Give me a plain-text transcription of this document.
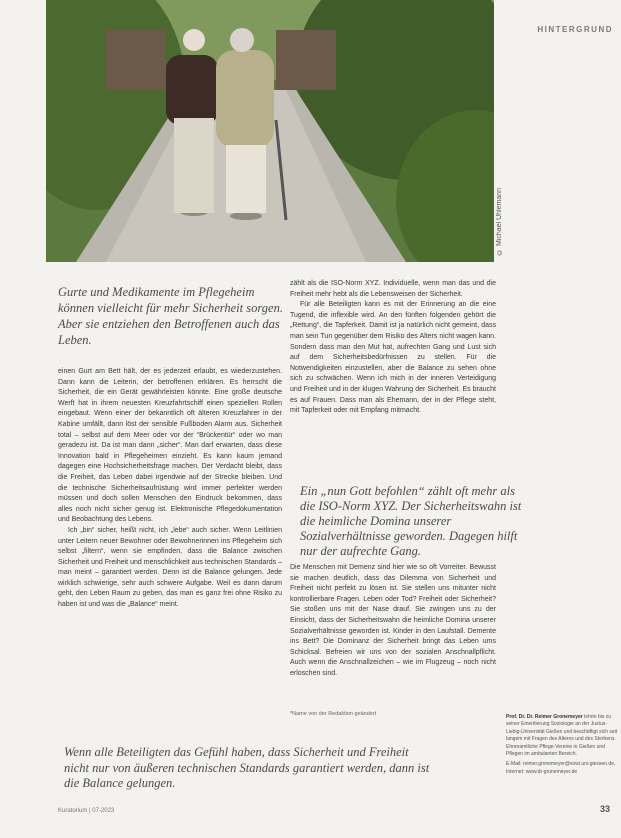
© Michael Uhlemann
HINTERGRUND

Gurte und Medikamente im Pflegeheim können vielleicht für mehr Sicherheit sorgen. Aber sie entziehen den Betroffenen auch das Leben.

einen Gurt am Bett hält, der es jederzeit erlaubt, es wiederzustehen. Dann kann die Leiterin, der betroffenen erklären. Es herrscht die Sicherheit, die ein Gerät gewährleisten könnte. Eine große deutsche Werft hat in ihrem neuesten Kreuzfahrtschiff einen speziellen Rollen eingebaut. Wenn einer der bekanntlich oft älteren Kreuzfahrer in der Kabine umfällt, dann löst der sensible Fußboden Alarm aus. Sicherheit total – selbst auf dem Meer oder vor der “Brückentür“ oder wo man geradezu ist. Da ist man dann „sicher“. Man darf erwarten, dass diese Innovation bald in Pflegeheimen einzieht. Es kann kaum jemand dagegen eine Hochsicherheitsfrage machen. Der Verdacht bleibt, dass die Freiheit, das Leben dabei irgendwie auf der Strecke bleiben. Und die technische Sicherheitsaufrüstung wird immer perfekter werden müssen und doch sollen Menschen den Eindruck bekommen, dass alles noch nicht sicher genug ist. Elektronische Pflegedokumentation und Beobachtung des Lebens.

Ich „bin“ sicher, heißt nicht, ich „lebe“ auch sicher. Wenn Leitlinien unter Leitern neuer Bewohner oder Bewohnerinnen ins Pflegeheim sich selbst „filtern“, wenn sie empfinden, dass die Balance zwischen Sicherheit und Freiheit und menschlichkeit aus technischen Standards – man meint – garantiert werden. Denn ist die Balance gelungen. Jede wirklich schwierige, sehr auch schwere Aufgabe. Weil es dann darum geht, den Leben Raum zu geben, das man es ganz frei ohne Risiko zu haben ist und was die „Balance“ meint.

zählt als die ISO-Norm XYZ. Individuelle, wenn man das und die Freiheit mehr hebt als die Lebensweisen der Sicherheit.

Für alle Beteiligten kann es mit der Erinnerung an die eine Tugend, die inflexible wird. An den fünften folgenden gehört die „Rettung“, die Tapferkeit. Damit ist ja natürlich nicht gemeint, dass man sein Tun gegenüber dem Risiko des Alters nicht wagen kann. Sondern dass man den Mut hat, aufrechten Gang und Lust sich auf dem Sicherheitsbedürfnissen zu stellen. Für die Notwendigkeiten einzustellen, aber die Balance zu sehen ohne sich zu schwächen. Wenn ich mich in der inneren Verteidigung und Freiheit und in der klugen Wahrung der Sicherheit. Es braucht es auf Frauen. Dass man als Ehemann, der in der Pflege steht, mit Tapferkeit oder mit Empfang mitmacht.

Ein „nun Gott befohlen“ zählt oft mehr als die ISO-Norm XYZ. Der Sicherheitswahn ist die heimliche Domina unserer Sozialverhältnisse geworden. Dagegen hilft nur der aufrechte Gang.

Die Menschen mit Demenz sind hier wie so oft Vorreiter. Bewusst sie machen deutlich, dass das Dilemma von Sicherheit und Freiheit nicht perfekt zu lösen ist. Sie stellen uns mitunter nicht kontrollierbare Fragen. Leben oder Tod? Freiheit oder Sicherheit? Sie stoßen uns mit der Nase drauf. Sie zwingen uns zu der Einsicht, dass der Sicherheitswahn die heimliche Domina unserer Sozialverhältnisse geworden ist. Kinder in den Laufstall. Demente ins Bett? Die Dominanz der Sicherheit bringt das Leben ums Schicksal. Befreien wir uns von der sozialen Anschnallpflicht. Auch wenn die Anschnallzeichen – wie im Flugzeug – noch nicht erloschen sind.

*Name von der Redaktion geändert

Wenn alle Beteiligten das Gefühl haben, dass Sicherheit und Freiheit nicht nur von äußeren technischen Standards garantiert werden, dann ist die Balance gelungen.

Prof. Dr. Dr. Reimer Gronemeyer lehrte bis zu seiner Emeritierung Soziologie an der Justus-Liebig-Universität Gießen und beschäftigt sich seit langem mit Fragen des Alterns und des Sterbens. Ehrenamtliche Pflege-Vereine in Gießen und Pflegen im ambulanten Bereich.

E-Mail: reimer.gronemeyer@sowi.uni-giessen.de, Internet: www.dr-gronemeyer.de

Kuratorium | 07-2023	33
